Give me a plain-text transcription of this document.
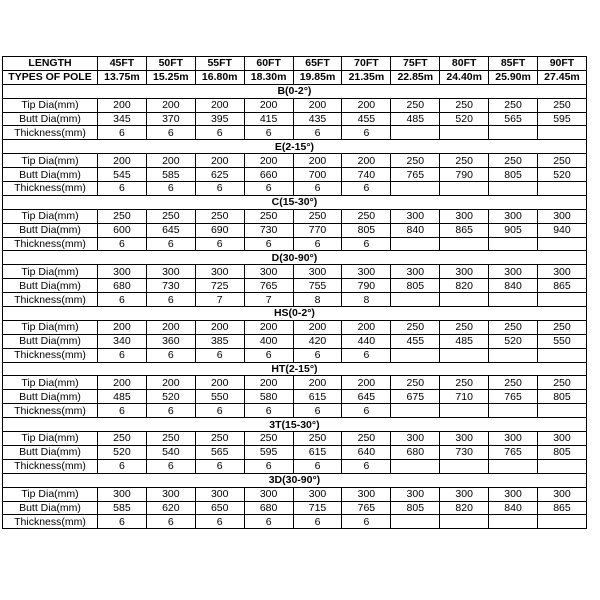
LENGTH	45FT	50FT	55FT	60FT	65FT	70FT	75FT	80FT	85FT	90FT
TYPES OF POLE	13.75m	15.25m	16.80m	18.30m	19.85m	21.35m	22.85m	24.40m	25.90m	27.45m
B(0-2°)										
Tip Dia(mm)	200	200	200	200	200	200	250	250	250	250
Butt Dia(mm)	345	370	395	415	435	455	485	520	565	595
Thickness(mm)	6	6	6	6	6	6				
E(2-15°)										
Tip Dia(mm)	200	200	200	200	200	200	250	250	250	250
Butt Dia(mm)	545	585	625	660	700	740	765	790	805	520
Thickness(mm)	6	6	6	6	6	6				
C(15-30°)										
Tip Dia(mm)	250	250	250	250	250	250	300	300	300	300
Butt Dia(mm)	600	645	690	730	770	805	840	865	905	940
Thickness(mm)	6	6	6	6	6	6				
D(30-90°)										
Tip Dia(mm)	300	300	300	300	300	300	300	300	300	300
Butt Dia(mm)	680	730	725	765	755	790	805	820	840	865
Thickness(mm)	6	6	7	7	8	8				
HS(0-2°)										
Tip Dia(mm)	200	200	200	200	200	200	250	250	250	250
Butt Dia(mm)	340	360	385	400	420	440	455	485	520	550
Thickness(mm)	6	6	6	6	6	6				
HT(2-15°)										
Tip Dia(mm)	200	200	200	200	200	200	250	250	250	250
Butt Dia(mm)	485	520	550	580	615	645	675	710	765	805
Thickness(mm)	6	6	6	6	6	6				
3T(15-30°)										
Tip Dia(mm)	250	250	250	250	250	250	300	300	300	300
Butt Dia(mm)	520	540	565	595	615	640	680	730	765	805
Thickness(mm)	6	6	6	6	6	6				
3D(30-90°)										
Tip Dia(mm)	300	300	300	300	300	300	300	300	300	300
Butt Dia(mm)	585	620	650	680	715	765	805	820	840	865
Thickness(mm)	6	6	6	6	6	6				
